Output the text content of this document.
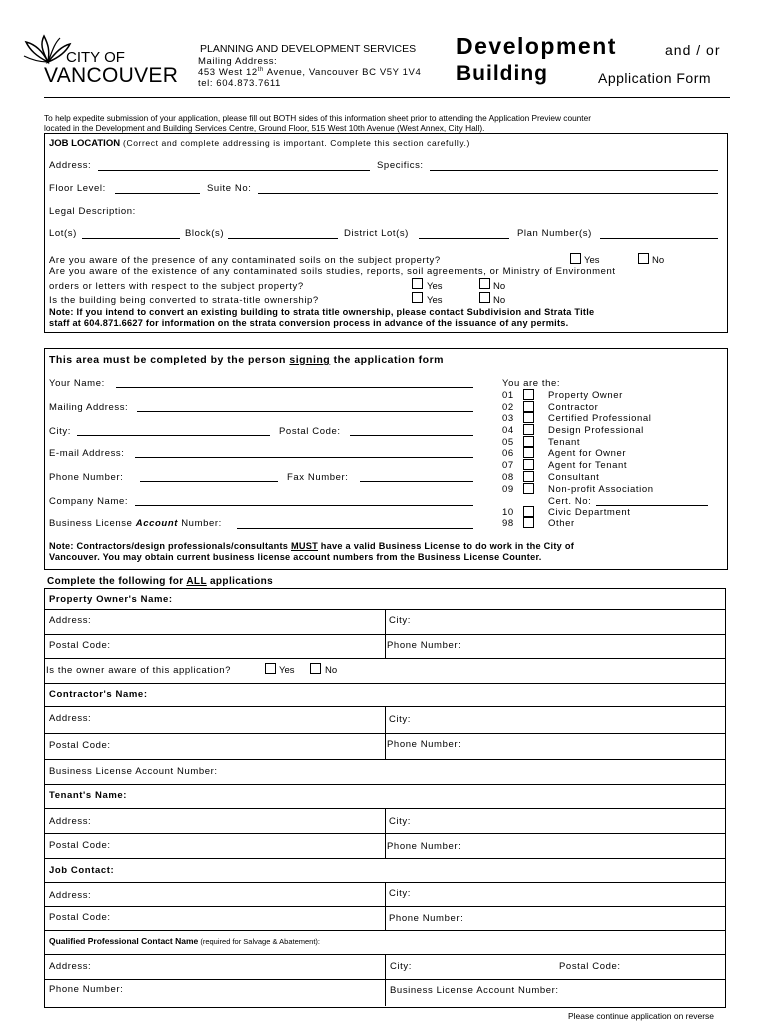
CITY OF
VANCOUVER
PLANNING AND DEVELOPMENT SERVICES
Mailing Address:
453 West 12th Avenue, Vancouver BC V5Y 1V4
tel: 604.873.7611
Development	and / or
Building	Application Form
To help expedite submission of your application, please fill out BOTH sides of this information sheet prior to attending the Application Preview counter
located in the Development and Building Services Centre, Ground Floor, 515 West 10th Avenue (West Annex, City Hall).
JOB LOCATION (Correct and complete addressing is important. Complete this section carefully.)
Address:	Specifics:
Floor Level:	Suite No:
Legal Description:
Lot(s)	Block(s)	District Lot(s)	Plan Number(s)
Are you aware of the presence of any contaminated soils on the subject property?	Yes	No
Are you aware of the existence of any contaminated soils studies, reports, soil agreements, or Ministry of Environment
orders or letters with respect to the subject property?	Yes	No
Is the building being converted to strata-title ownership?	Yes	No
Note: If you intend to convert an existing building to strata title ownership, please contact Subdivision and Strata Title
staff at 604.871.6627 for information on the strata conversion process in advance of the issuance of any permits.
This area must be completed by the person signing the application form
Your Name:
Mailing Address:
City:	Postal Code:
E-mail Address:
Phone Number:	Fax Number:
Company Name:
Business License Account Number:
You are the:
01	Property Owner
02	Contractor
03	Certified Professional
04	Design Professional
05	Tenant
06	Agent for Owner
07	Agent for Tenant
08	Consultant
09	Non-profit Association
10	Civic Department
98	Other
Cert. No:
Note: Contractors/design professionals/consultants MUST have a valid Business License to do work in the City of
Vancouver. You may obtain current business license account numbers from the Business License Counter.
Complete the following for ALL applications
Property Owner's Name:
Address:	City:
Postal Code:	Phone Number:
Is the owner aware of this application?	Yes	No
Contractor's Name:
Address:	City:
Postal Code:	Phone Number:
Business License Account Number:
Tenant's Name:
Address:	City:
Postal Code:	Phone Number:
Job Contact:
Address:	City:
Postal Code:	Phone Number:
Qualified Professional Contact Name (required for Salvage & Abatement):
Address:	City:	Postal Code:
Phone Number:	Business License Account Number:
Please continue application on reverse
